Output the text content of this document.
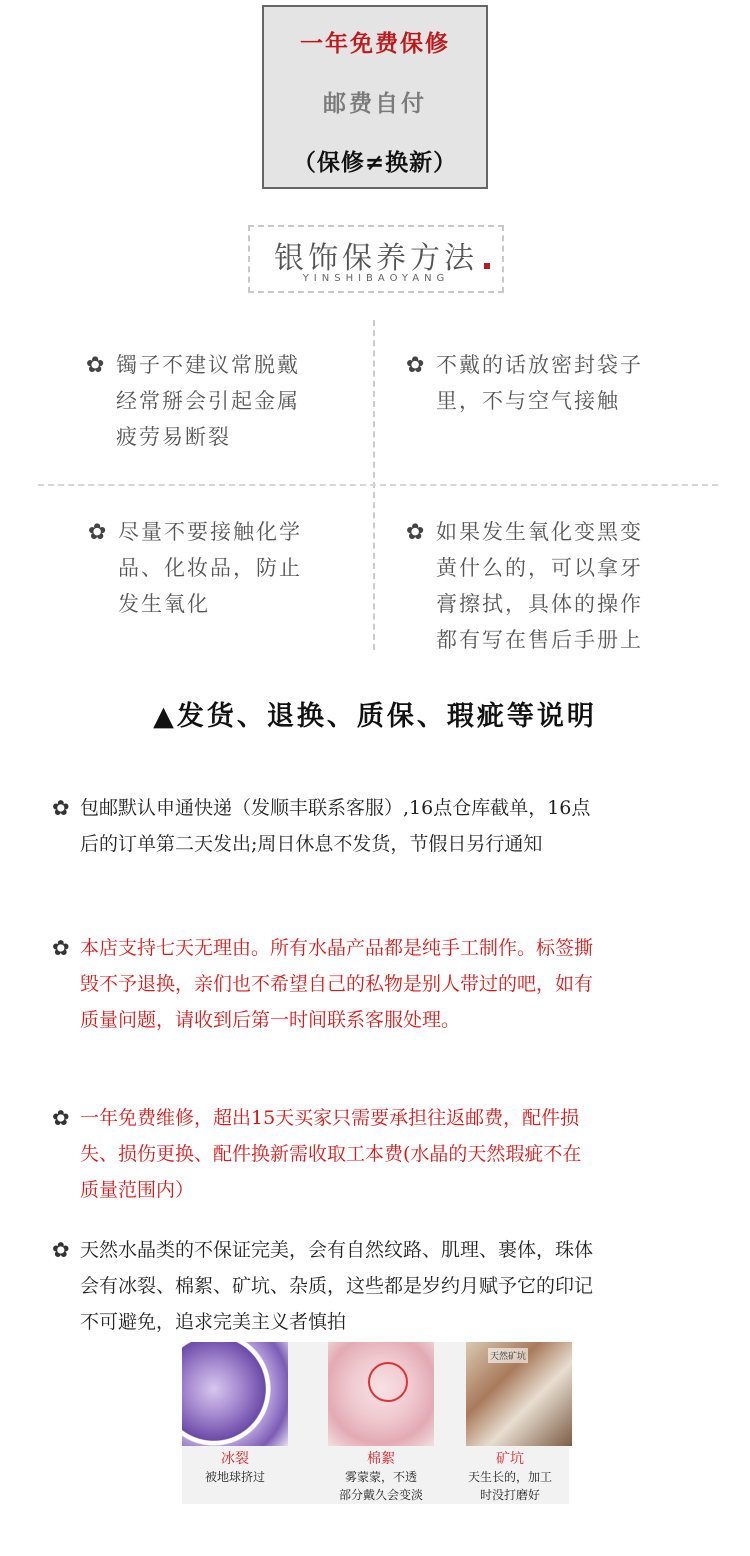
一年免费保修
邮费自付
（保修≠换新）
银饰保养方法
YINSHIBAOYANG
✿ 镯子不建议常脱戴

经常掰会引起金属

疲劳易断裂

✿ 不戴的话放密封袋子

里，不与空气接触

✿ 尽量不要接触化学

品、化妆品，防止

发生氧化

✿ 如果发生氧化变黑变

黄什么的，可以拿牙

膏擦拭，具体的操作

都有写在售后手册上

▲发货、退换、质保、瑕疵等说明
✿ 包邮默认申通快递（发顺丰联系客服）,16点仓库截单，16点

后的订单第二天发出;周日休息不发货，节假日另行通知

✿ 本店支持七天无理由。所有水晶产品都是纯手工制作。标签撕

毁不予退换，亲们也不希望自己的私物是别人带过的吧，如有

质量问题，请收到后第一时间联系客服处理。

✿ 一年免费维修，超出15天买家只需要承担往返邮费，配件损

失、损伤更换、配件换新需收取工本费(水晶的天然瑕疵不在

质量范围内）

✿ 天然水晶类的不保证完美，会有自然纹路、肌理、裹体，珠体

会有冰裂、棉絮、矿坑、杂质，这些都是岁约月赋予它的印记

不可避免，追求完美主义者慎拍

天然矿坑
冰裂
被地球挤过
棉絮
雾蒙蒙，不透
部分戴久会变淡
矿坑
天生长的，加工
时没打磨好
